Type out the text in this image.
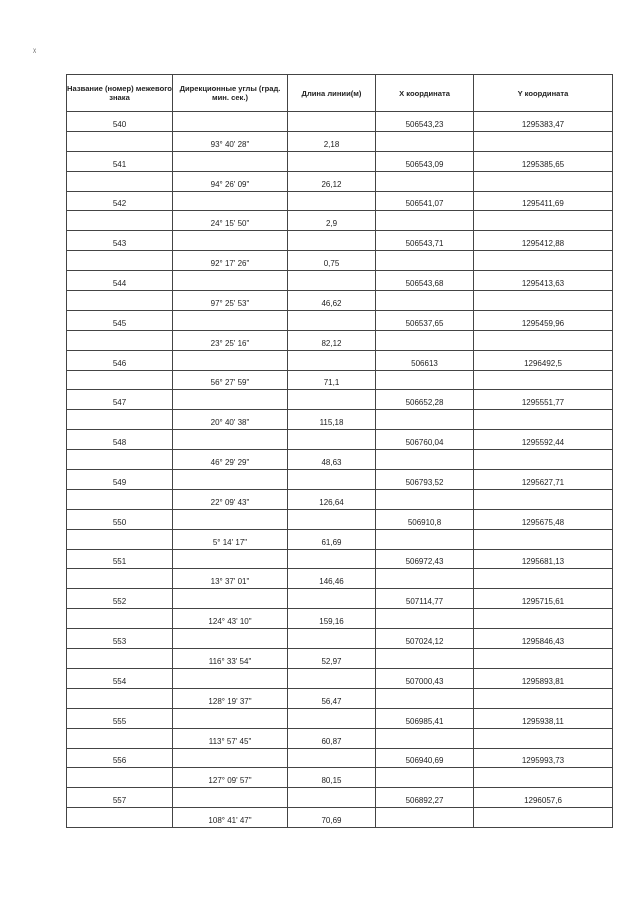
ᵡ
Название (номер) межевого знака	Дирекционные углы (град. мин. сек.)	Длина линии(м)	X координата	Y координата
540			506543,23	1295383,47
	93° 40' 28"	2,18		
541			506543,09	1295385,65
	94° 26' 09"	26,12		
542			506541,07	1295411,69
	24° 15' 50"	2,9		
543			506543,71	1295412,88
	92° 17' 26"	0,75		
544			506543,68	1295413,63
	97° 25' 53"	46,62		
545			506537,65	1295459,96
	23° 25' 16"	82,12		
546			506613	1296492,5
	56° 27' 59"	71,1		
547			506652,28	1295551,77
	20° 40' 38"	115,18		
548			506760,04	1295592,44
	46° 29' 29"	48,63		
549			506793,52	1295627,71
	22° 09' 43"	126,64		
550			506910,8	1295675,48
	5° 14' 17"	61,69		
551			506972,43	1295681,13
	13° 37' 01"	146,46		
552			507114,77	1295715,61
	124° 43' 10"	159,16		
553			507024,12	1295846,43
	116° 33' 54"	52,97		
554			507000,43	1295893,81
	128° 19' 37"	56,47		
555			506985,41	1295938,11
	113° 57' 45"	60,87		
556			506940,69	1295993,73
	127° 09' 57"	80,15		
557			506892,27	1296057,6
	108° 41' 47"	70,69		
